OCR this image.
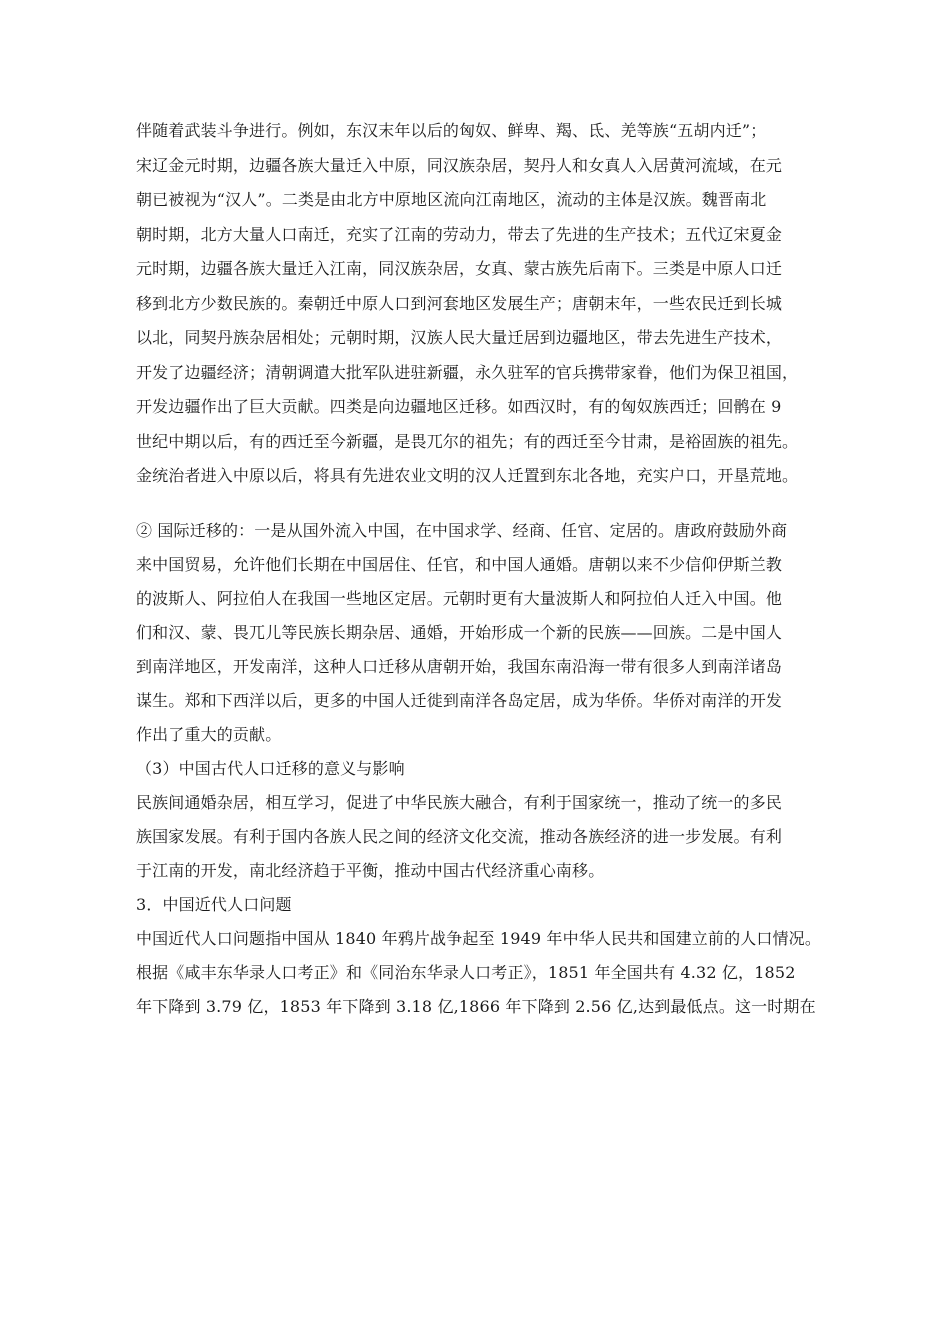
伴随着武装斗争进行。例如，东汉末年以后的匈奴、鲜卑、羯、氐、羌等族“五胡内迁”；
宋辽金元时期，边疆各族大量迁入中原，同汉族杂居，契丹人和女真人入居黄河流域，在元
朝已被视为“汉人”。二类是由北方中原地区流向江南地区，流动的主体是汉族。魏晋南北
朝时期，北方大量人口南迁，充实了江南的劳动力，带去了先进的生产技术；五代辽宋夏金
元时期，边疆各族大量迁入江南，同汉族杂居，女真、蒙古族先后南下。三类是中原人口迁
移到北方少数民族的。秦朝迁中原人口到河套地区发展生产；唐朝末年，一些农民迁到长城
以北，同契丹族杂居相处；元朝时期，汉族人民大量迁居到边疆地区，带去先进生产技术，
开发了边疆经济；清朝调遣大批军队进驻新疆，永久驻军的官兵携带家眷，他们为保卫祖国，
开发边疆作出了巨大贡献。四类是向边疆地区迁移。如西汉时，有的匈奴族西迁；回鹘在 9
世纪中期以后，有的西迁至今新疆，是畏兀尔的祖先；有的西迁至今甘肃，是裕固族的祖先。
金统治者进入中原以后，将具有先进农业文明的汉人迁置到东北各地，充实户口，开垦荒地。
② 国际迁移的：一是从国外流入中国，在中国求学、经商、任官、定居的。唐政府鼓励外商
来中国贸易，允许他们长期在中国居住、任官，和中国人通婚。唐朝以来不少信仰伊斯兰教
的波斯人、阿拉伯人在我国一些地区定居。元朝时更有大量波斯人和阿拉伯人迁入中国。他
们和汉、蒙、畏兀儿等民族长期杂居、通婚，开始形成一个新的民族——回族。二是中国人
到南洋地区，开发南洋，这种人口迁移从唐朝开始，我国东南沿海一带有很多人到南洋诸岛
谋生。郑和下西洋以后，更多的中国人迁徙到南洋各岛定居，成为华侨。华侨对南洋的开发
作出了重大的贡献。
（3）中国古代人口迁移的意义与影响
民族间通婚杂居，相互学习，促进了中华民族大融合，有利于国家统一，推动了统一的多民
族国家发展。有利于国内各族人民之间的经济文化交流，推动各族经济的进一步发展。有利
于江南的开发，南北经济趋于平衡，推动中国古代经济重心南移。
3．中国近代人口问题
中国近代人口问题指中国从 1840 年鸦片战争起至 1949 年中华人民共和国建立前的人口情况。
根据《咸丰东华录人口考正》和《同治东华录人口考正》，1851 年全国共有 4.32 亿，1852
年下降到 3.79 亿，1853 年下降到 3.18 亿,1866 年下降到 2.56 亿,达到最低点。这一时期在
